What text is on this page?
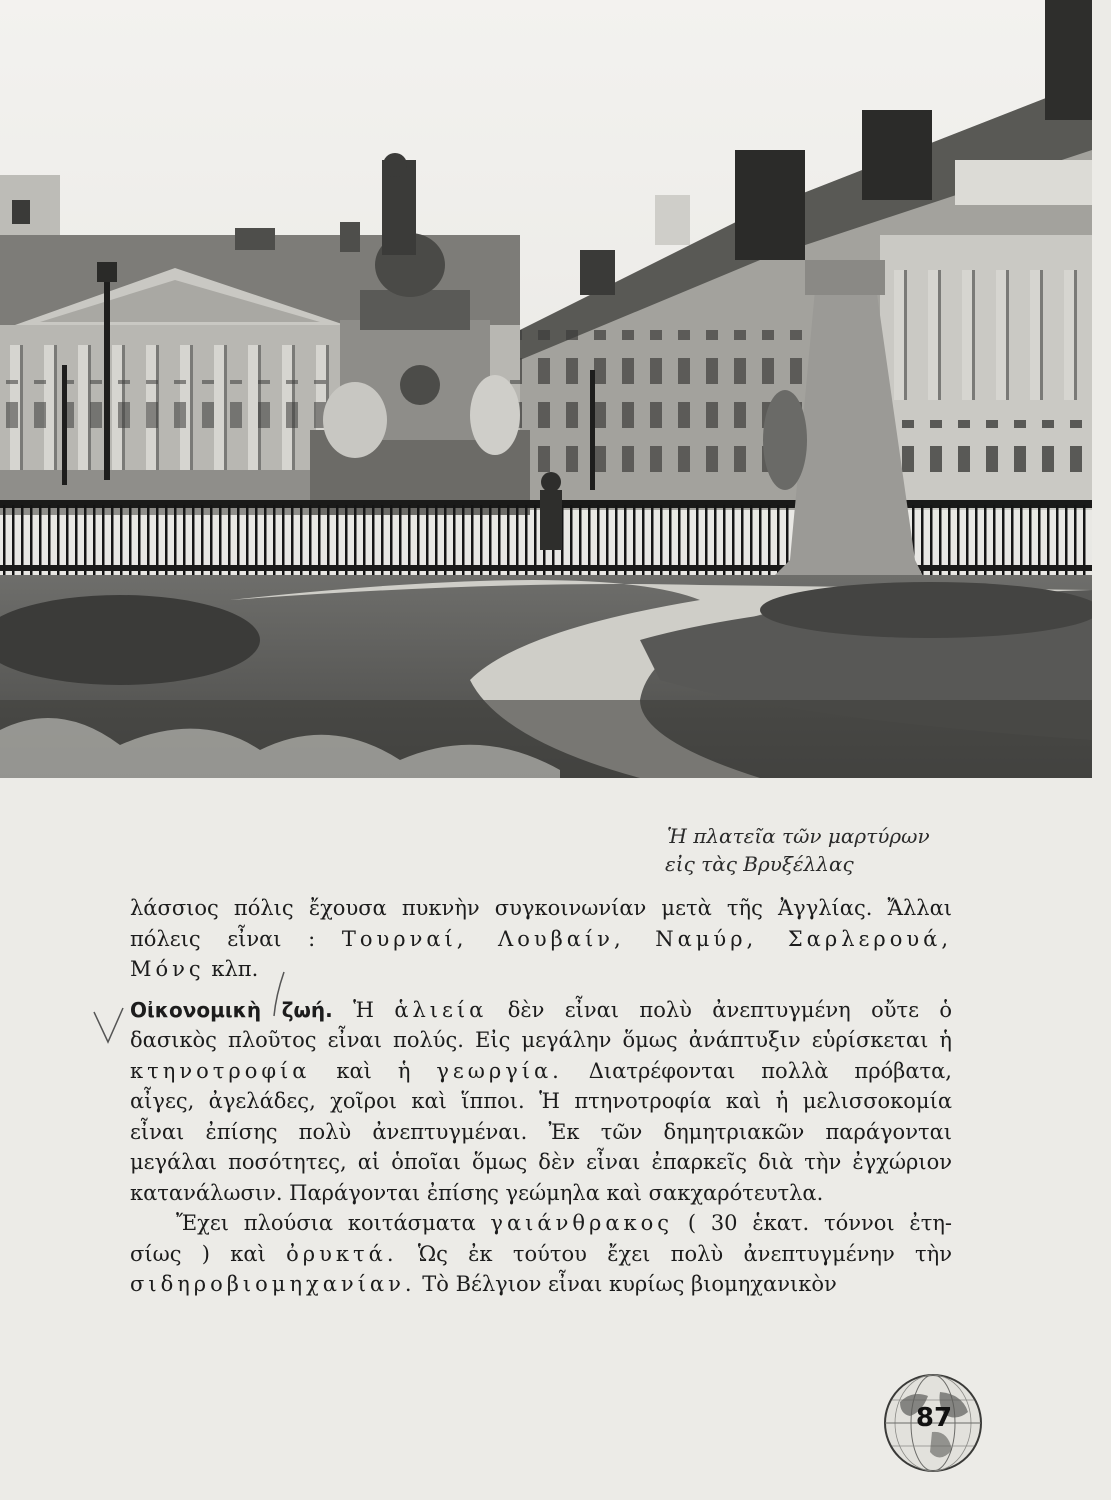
Ἡ πλατεῖα τῶν μαρτύρων
εἰς τὰς Βρυξέλλας
λάσσιος πόλις ἔχουσα πυκνὴν συγκοινωνίαν μετὰ τῆς Ἀγγλίας. Ἄλλαι
πόλεις εἶναι : Τουρναί, Λουβαίν, Ναμύρ, Σαρλερουά,
Μόνς κλπ.
Οἰκονομικὴ ζωή. Ἡ ἁλιεία δὲν εἶναι πολὺ ἀνεπτυγμένη οὔτε ὁ
δασικὸς πλοῦτος εἶναι πολύς. Εἰς μεγάλην ὅμως ἀνάπτυξιν εὑρίσκεται ἡ
κτηνοτροφία καὶ ἡ γεωργία. Διατρέφονται πολλὰ πρόβατα,
αἶγες, ἀγελάδες, χοῖροι καὶ ἵπποι. Ἡ πτηνοτροφία καὶ ἡ μελισσοκομία
εἶναι ἐπίσης πολὺ ἀνεπτυγμέναι. Ἐκ τῶν δημητριακῶν παράγονται
μεγάλαι ποσότητες, αἱ ὁποῖαι ὅμως δὲν εἶναι ἐπαρκεῖς διὰ τὴν ἐγχώριον
κατανάλωσιν. Παράγονται ἐπίσης γεώμηλα καὶ σακχαρότευτλα.
Ἔχει πλούσια κοιτάσματα γαιάνθρακος ( 30 ἑκατ. τόννοι ἐτη-
σίως ) καὶ ὀρυκτά. Ὡς ἐκ τούτου ἔχει πολὺ ἀνεπτυγμένην τὴν
σιδηροβιομηχανίαν. Τὸ Βέλγιον εἶναι κυρίως βιομηχανικὸν
87
